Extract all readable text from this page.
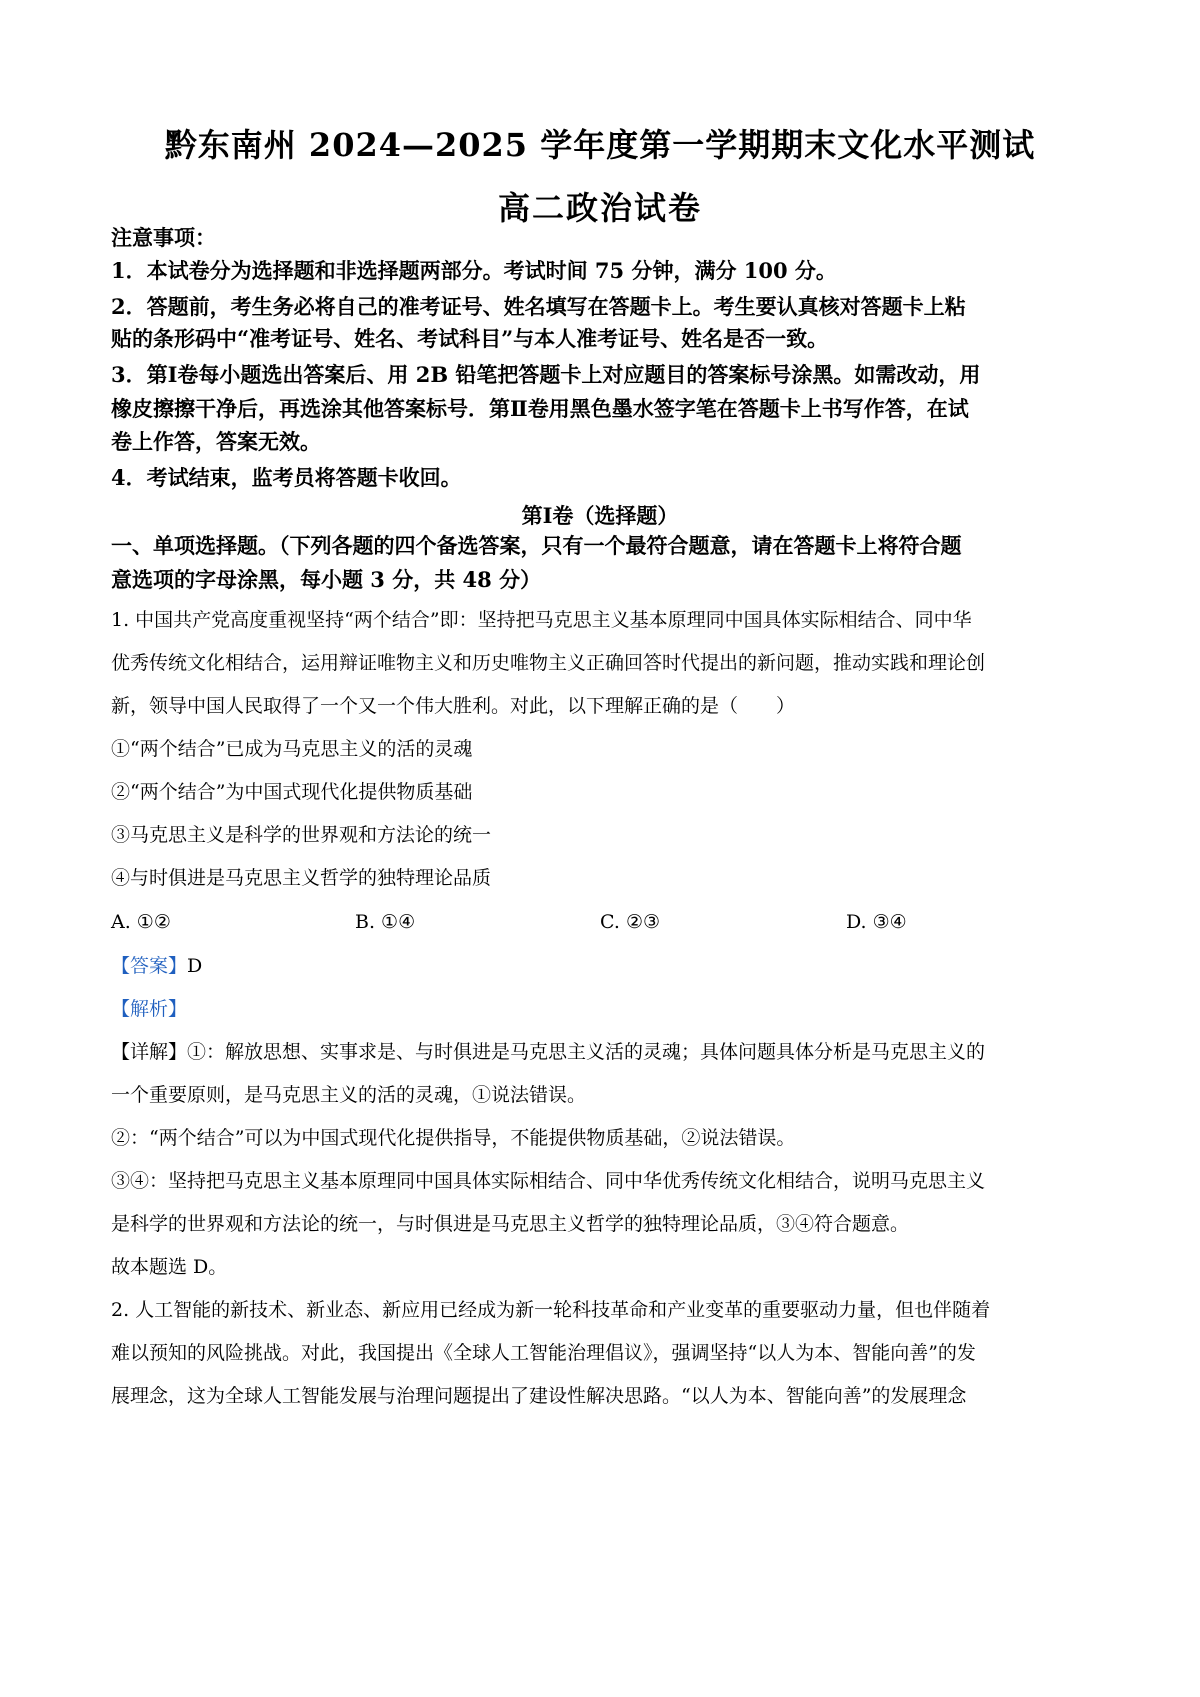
黔东南州 2024—2025 学年度第一学期期末文化水平测试
高二政治试卷
注意事项：
1．本试卷分为选择题和非选择题两部分。考试时间 75 分钟，满分 100 分。
2．答题前，考生务必将自己的准考证号、姓名填写在答题卡上。考生要认真核对答题卡上粘
贴的条形码中“准考证号、姓名、考试科目”与本人准考证号、姓名是否一致。
3．第Ⅰ卷每小题选出答案后、用 2B 铅笔把答题卡上对应题目的答案标号涂黑。如需改动，用
橡皮擦擦干净后，再选涂其他答案标号．第Ⅱ卷用黑色墨水签字笔在答题卡上书写作答，在试
卷上作答，答案无效。
4．考试结束，监考员将答题卡收回。
第Ⅰ卷（选择题）
一、单项选择题。（下列各题的四个备选答案，只有一个最符合题意，请在答题卡上将符合题
意选项的字母涂黑，每小题 3 分，共 48 分）
1. 中国共产党高度重视坚持“两个结合”即：坚持把马克思主义基本原理同中国具体实际相结合、同中华
优秀传统文化相结合，运用辩证唯物主义和历史唯物主义正确回答时代提出的新问题，推动实践和理论创
新，领导中国人民取得了一个又一个伟大胜利。对此，以下理解正确的是（　　）
①“两个结合”已成为马克思主义的活的灵魂
②“两个结合”为中国式现代化提供物质基础
③马克思主义是科学的世界观和方法论的统一
④与时俱进是马克思主义哲学的独特理论品质
A. ①②	B. ①④	C. ②③	D. ③④
【答案】D
【解析】
【详解】①：解放思想、实事求是、与时俱进是马克思主义活的灵魂；具体问题具体分析是马克思主义的
一个重要原则，是马克思主义的活的灵魂，①说法错误。
②：“两个结合”可以为中国式现代化提供指导，不能提供物质基础，②说法错误。
③④：坚持把马克思主义基本原理同中国具体实际相结合、同中华优秀传统文化相结合，说明马克思主义
是科学的世界观和方法论的统一，与时俱进是马克思主义哲学的独特理论品质，③④符合题意。
故本题选 D。
2. 人工智能的新技术、新业态、新应用已经成为新一轮科技革命和产业变革的重要驱动力量，但也伴随着
难以预知的风险挑战。对此，我国提出《全球人工智能治理倡议》，强调坚持“以人为本、智能向善”的发
展理念，这为全球人工智能发展与治理问题提出了建设性解决思路。“以人为本、智能向善”的发展理念
